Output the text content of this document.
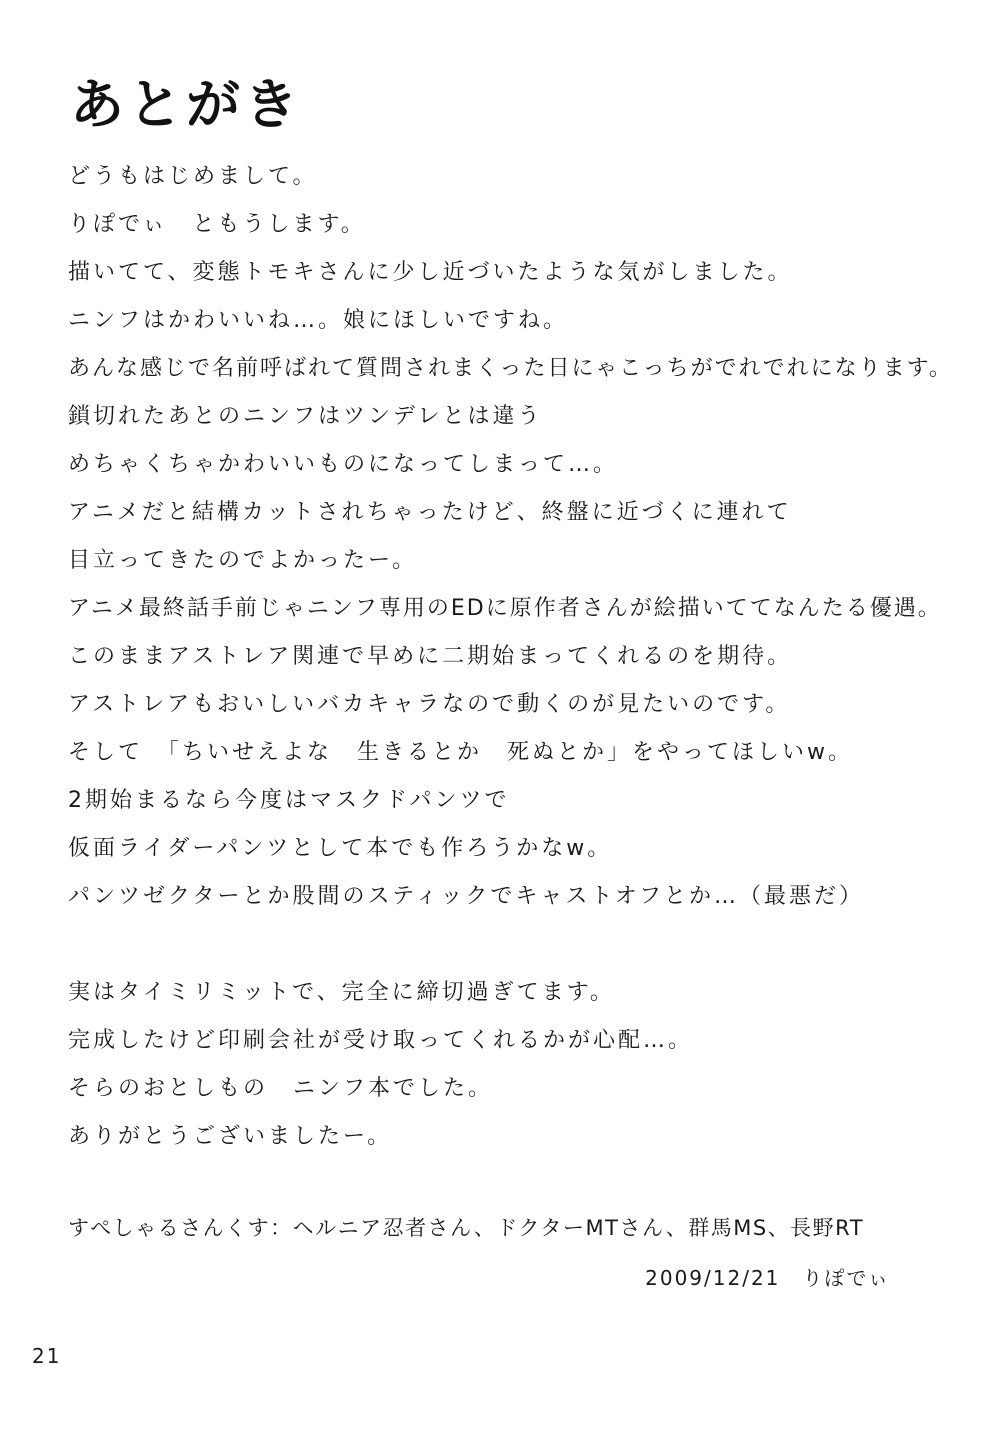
あとがき
どうもはじめまして。
りぽでぃ　ともうします。
描いてて、変態トモキさんに少し近づいたような気がしました。
ニンフはかわいいね…。娘にほしいですね。
あんな感じで名前呼ばれて質問されまくった日にゃこっちがでれでれになります。
鎖切れたあとのニンフはツンデレとは違う
めちゃくちゃかわいいものになってしまって…。
アニメだと結構カットされちゃったけど、終盤に近づくに連れて
目立ってきたのでよかったー。
アニメ最終話手前じゃニンフ専用のEDに原作者さんが絵描いててなんたる優遇。
このままアストレア関連で早めに二期始まってくれるのを期待。
アストレアもおいしいバカキャラなので動くのが見たいのです。
そして　「ちいせえよな　生きるとか　死ぬとか」をやってほしいw。
2期始まるなら今度はマスクドパンツで
仮面ライダーパンツとして本でも作ろうかなw。
パンツゼクターとか股間のスティックでキャストオフとか…（最悪だ）
実はタイミリミットで、完全に締切過ぎてます。
完成したけど印刷会社が受け取ってくれるかが心配…。
そらのおとしもの　ニンフ本でした。
ありがとうございましたー。
すぺしゃるさんくす：ヘルニア忍者さん、ドクターMTさん、群馬MS、長野RT
2009/12/21　りぽでぃ
21
